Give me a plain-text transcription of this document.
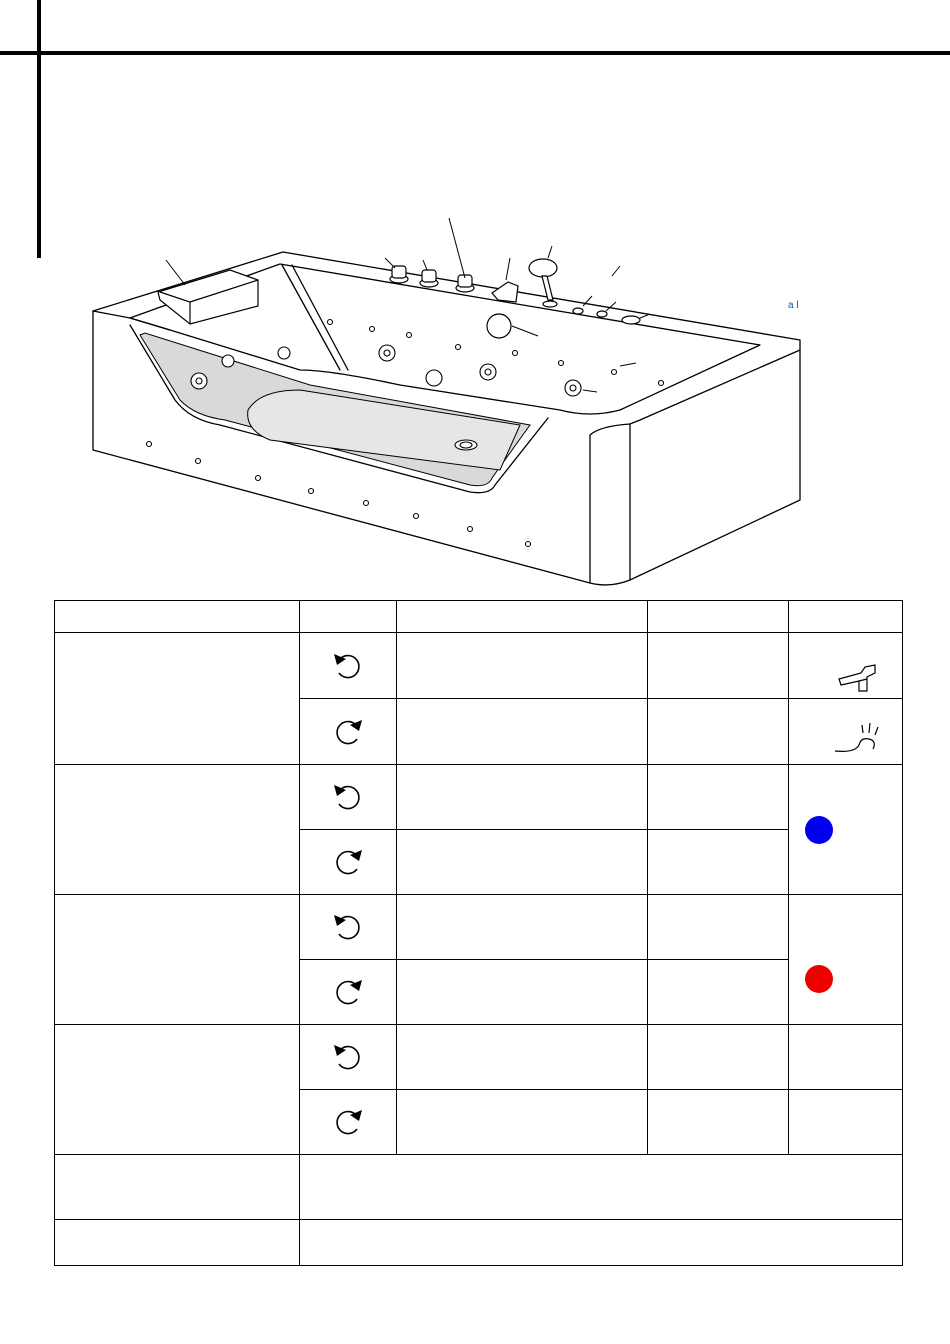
a l
